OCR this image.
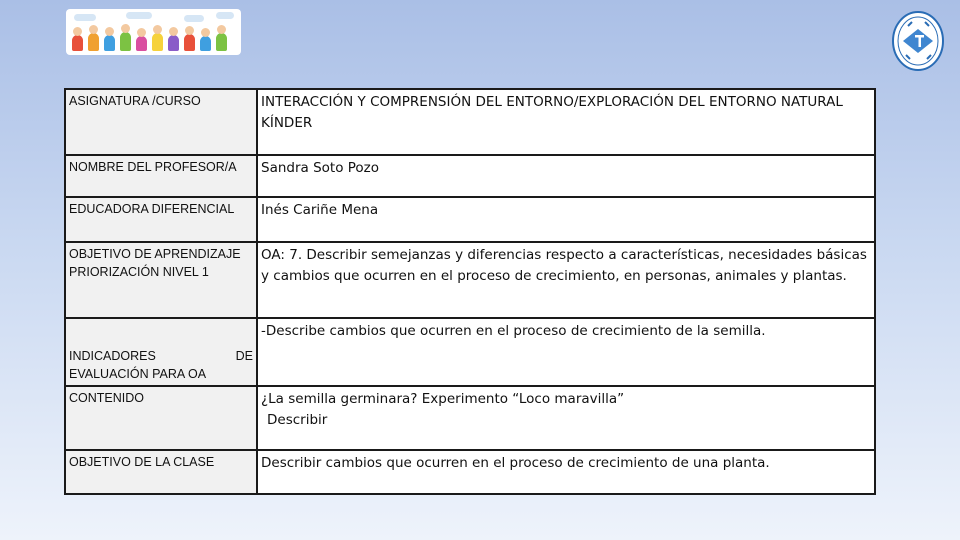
ASIGNATURA /CURSO	INTERACCIÓN Y COMPRENSIÓN DEL ENTORNO/EXPLORACIÓN DEL ENTORNO NATURAL KÍNDER
NOMBRE DEL PROFESOR/A	Sandra Soto Pozo
EDUCADORA DIFERENCIAL	Inés Cariñe Mena

OBJETIVO DE APRENDIZAJE
PRIORIZACIÓN NIVEL 1	OA: 7. Describir semejanzas y diferencias respecto a características, necesidades básicas y cambios que ocurren en el proceso de crecimiento, en personas, animales y plantas.

INDICADORES DE
EVALUACIÓN PARA OA	-Describe cambios que ocurren en el proceso de crecimiento de la semilla.
CONTENIDO	¿La semilla germinara? Experimento “Loco maravilla”
Describir

OBJETIVO DE LA CLASE	Describir cambios que ocurren en el proceso de crecimiento de una planta.
